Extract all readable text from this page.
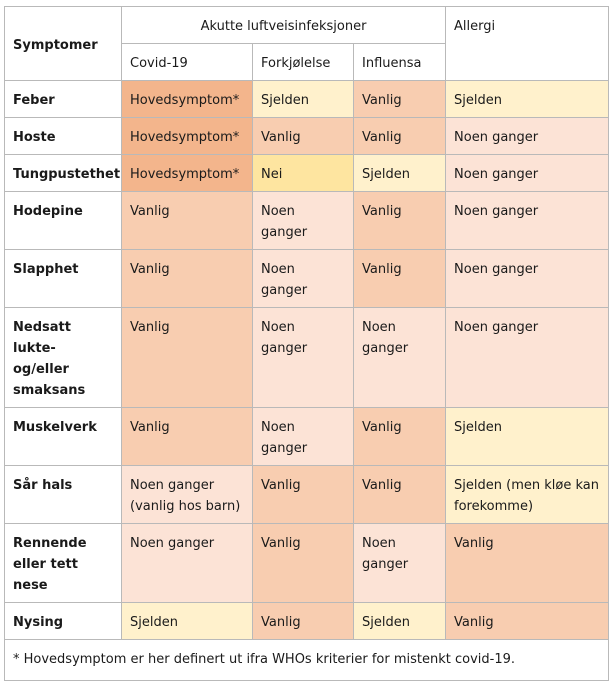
Symptomer	Akutte luftveisinfeksjoner			Allergi
	Covid-19	Forkjølelse	Influensa	
Feber	Hovedsymptom*	Sjelden	Vanlig	Sjelden
Hoste	Hovedsymptom*	Vanlig	Vanlig	Noen ganger
Tungpustethet	Hovedsymptom*	Nei	Sjelden	Noen ganger
Hodepine	Vanlig	Noen ganger	Vanlig	Noen ganger
Slapphet	Vanlig	Noen ganger	Vanlig	Noen ganger
Nedsatt lukte- og/eller smaksans	Vanlig	Noen ganger	Noen ganger	Noen ganger
Muskelverk	Vanlig	Noen ganger	Vanlig	Sjelden
Sår hals	Noen ganger (vanlig hos barn)	Vanlig	Vanlig	Sjelden (men kløe kan forekomme)
Rennende eller tett nese	Noen ganger	Vanlig	Noen ganger	Vanlig
Nysing	Sjelden	Vanlig	Sjelden	Vanlig
* Hovedsymptom er her definert ut ifra WHOs kriterier for mistenkt covid-19.				
